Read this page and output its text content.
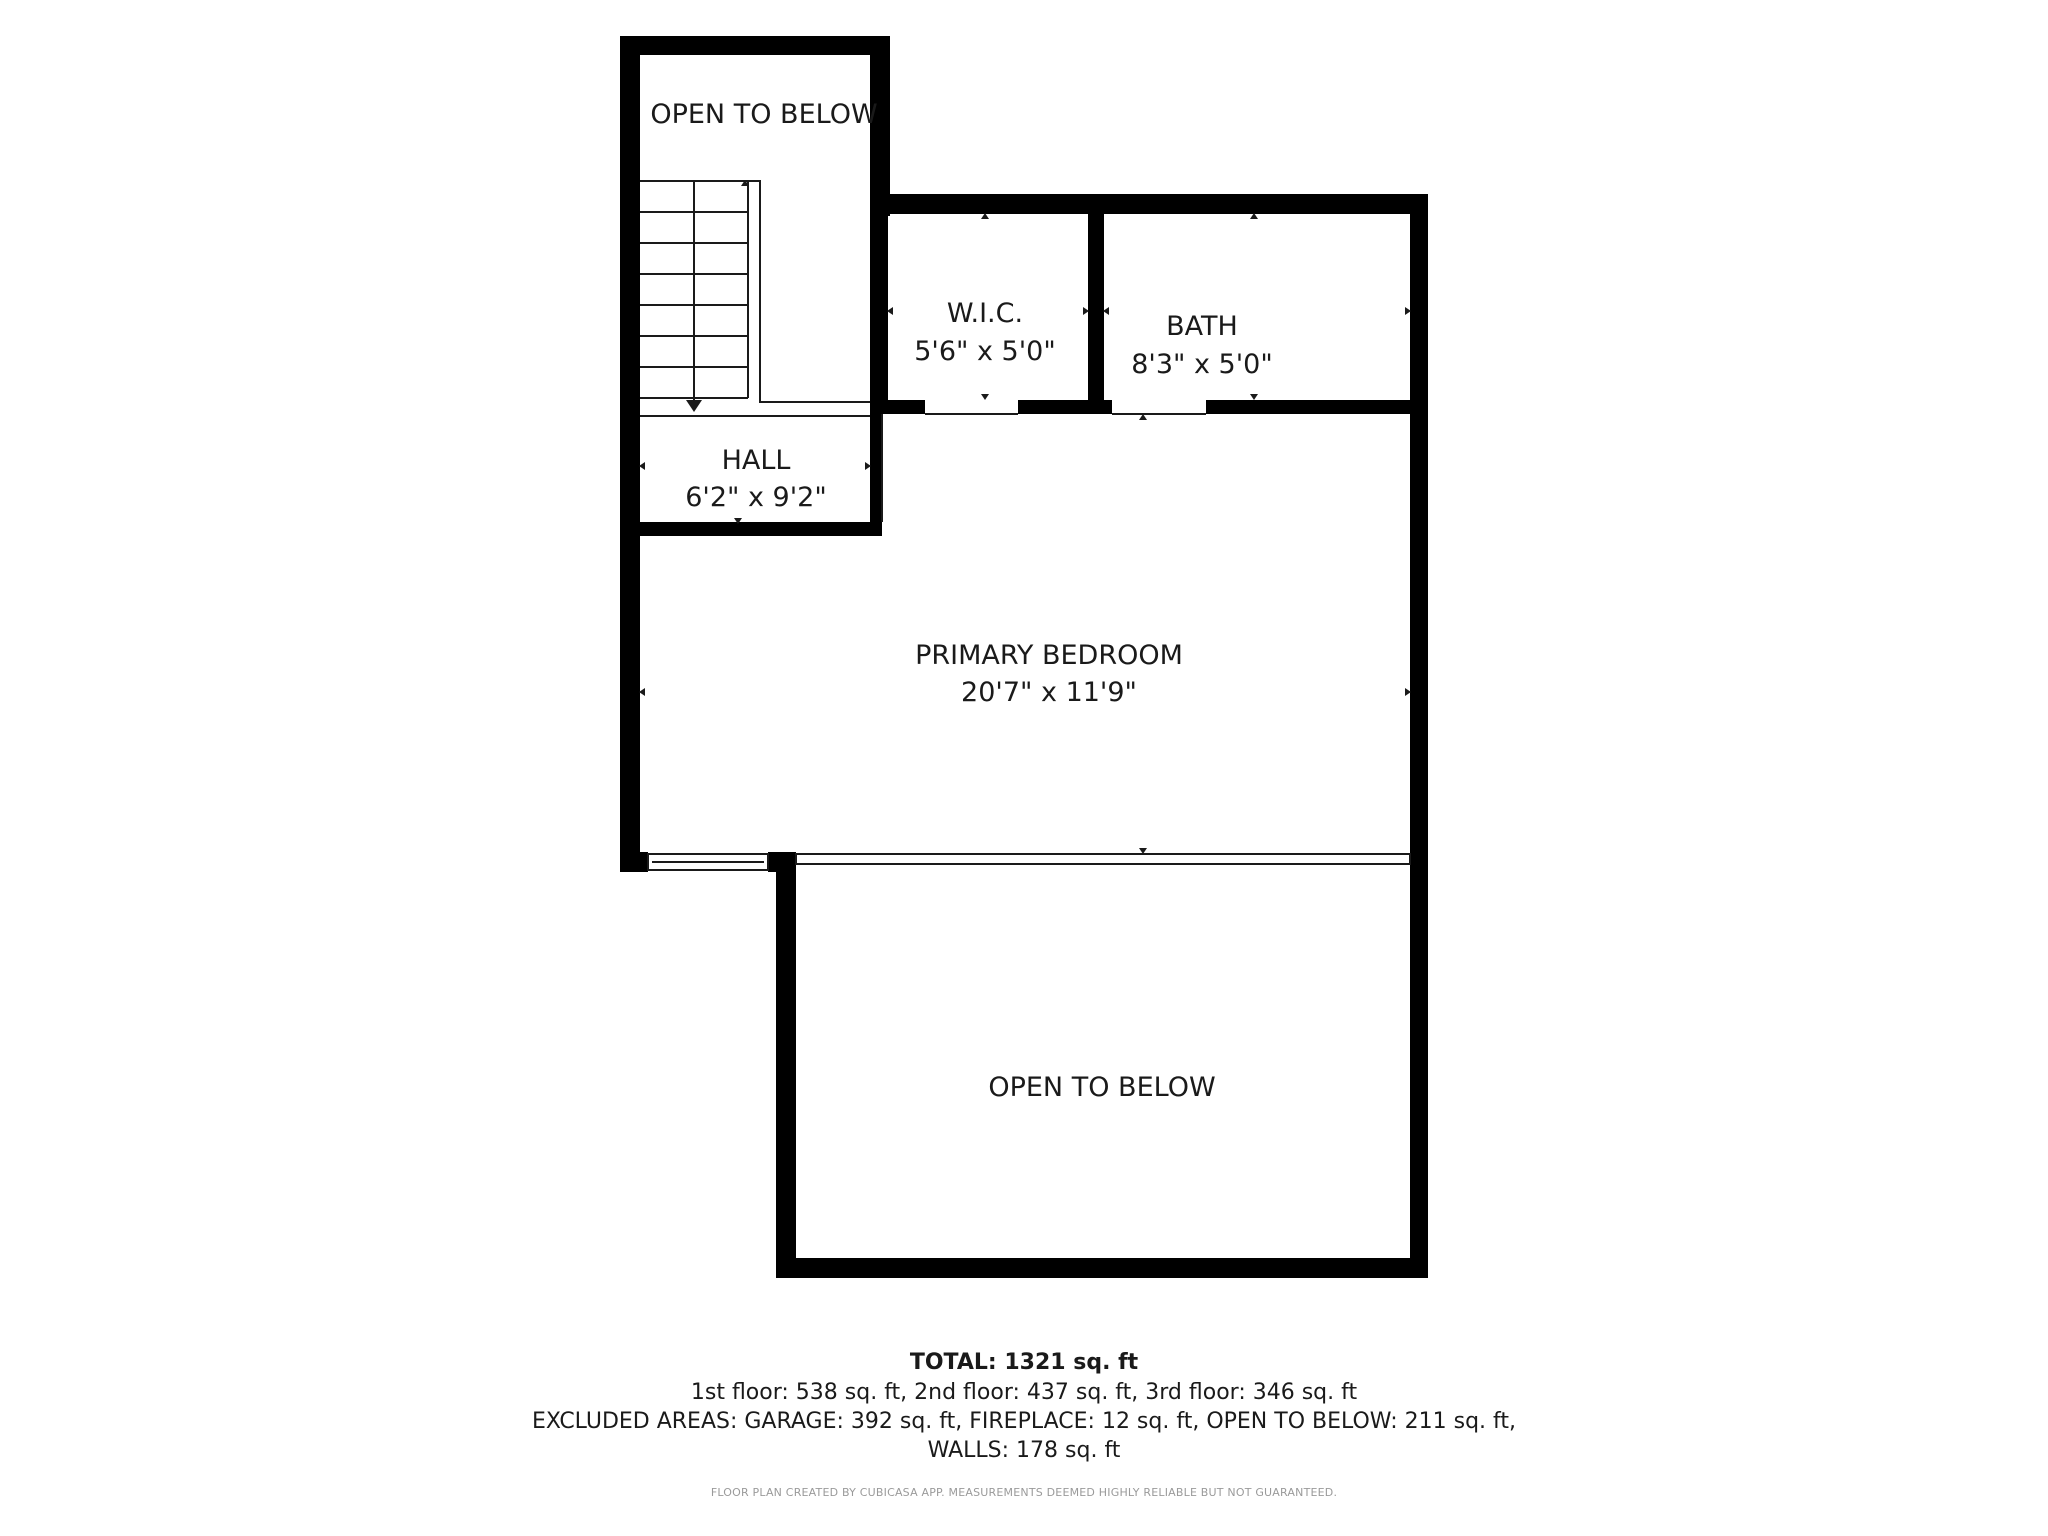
OPEN TO BELOW
W.I.C.
5'6" x 5'0"
BATH
8'3" x 5'0"
HALL
6'2" x 9'2"
PRIMARY BEDROOM
20'7" x 11'9"
OPEN TO BELOW
TOTAL: 1321 sq. ft
1st floor: 538 sq. ft, 2nd floor: 437 sq. ft, 3rd floor: 346 sq. ft
EXCLUDED AREAS: GARAGE: 392 sq. ft, FIREPLACE: 12 sq. ft, OPEN TO BELOW: 211 sq. ft,
WALLS: 178 sq. ft
FLOOR PLAN CREATED BY CUBICASA APP. MEASUREMENTS DEEMED HIGHLY RELIABLE BUT NOT GUARANTEED.
